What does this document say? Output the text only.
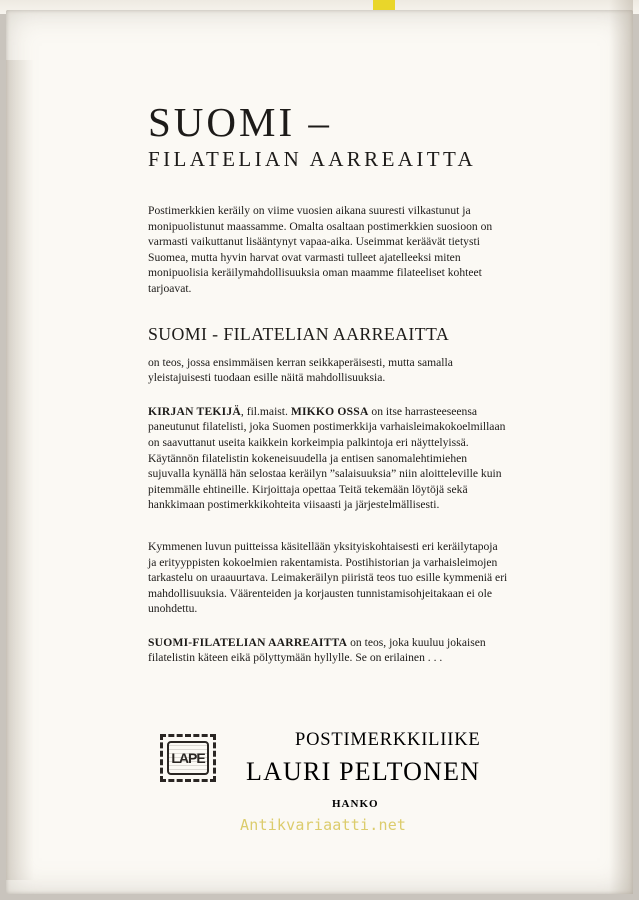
SUOMI –
FILATELIAN AARREAITTA

Postimerkkien keräily on viime vuosien aikana suuresti vilkastunut ja monipuolistunut maassamme. Omalta osaltaan postimerkkien suosioon on varmasti vaikuttanut lisääntynyt vapaa-aika. Useimmat keräävät tietysti Suomea, mutta hyvin harvat ovat varmasti tulleet ajatelleeksi miten monipuolisia keräilymahdollisuuksia oman maamme filateeliset kohteet tarjoavat.

SUOMI - FILATELIAN AARREAITTA

on teos, jossa ensimmäisen kerran seikkaperäisesti, mutta samalla yleistajuisesti tuodaan esille näitä mahdollisuuksia.

KIRJAN TEKIJÄ, fil.maist. MIKKO OSSA on itse harrasteeseensa paneutunut filatelisti, joka Suomen postimerkkija varhaisleimakokoelmillaan on saavuttanut useita kaikkein korkeimpia palkintoja eri näyttelyissä. Käytännön filatelistin kokeneisuudella ja entisen sanomalehtimiehen sujuvalla kynällä hän selostaa keräilyn ”salaisuuksia” niin aloitteleville kuin pitemmälle ehtineille. Kirjoittaja opettaa Teitä tekemään löytöjä sekä hankkimaan postimerkkikohteita viisaasti ja järjestelmällisesti.

Kymmenen luvun puitteissa käsitellään yksityiskohtaisesti eri keräilytapoja ja erityyppisten kokoelmien rakentamista. Postihistorian ja varhaisleimojen tarkastelu on uraauurtava. Leimakeräilyn piiristä teos tuo esille kymmeniä eri mahdollisuuksia. Väärenteiden ja korjausten tunnistamisohjeitakaan ei ole unohdettu.

SUOMI-FILATELIAN AARREAITTA on teos, joka kuuluu jokaisen filatelistin käteen eikä pölyttymään hyllylle. Se on erilainen . . .

LAPE

POSTIMERKKILIIKE

LAURI PELTONEN

HANKO

Antikvariaatti.net
